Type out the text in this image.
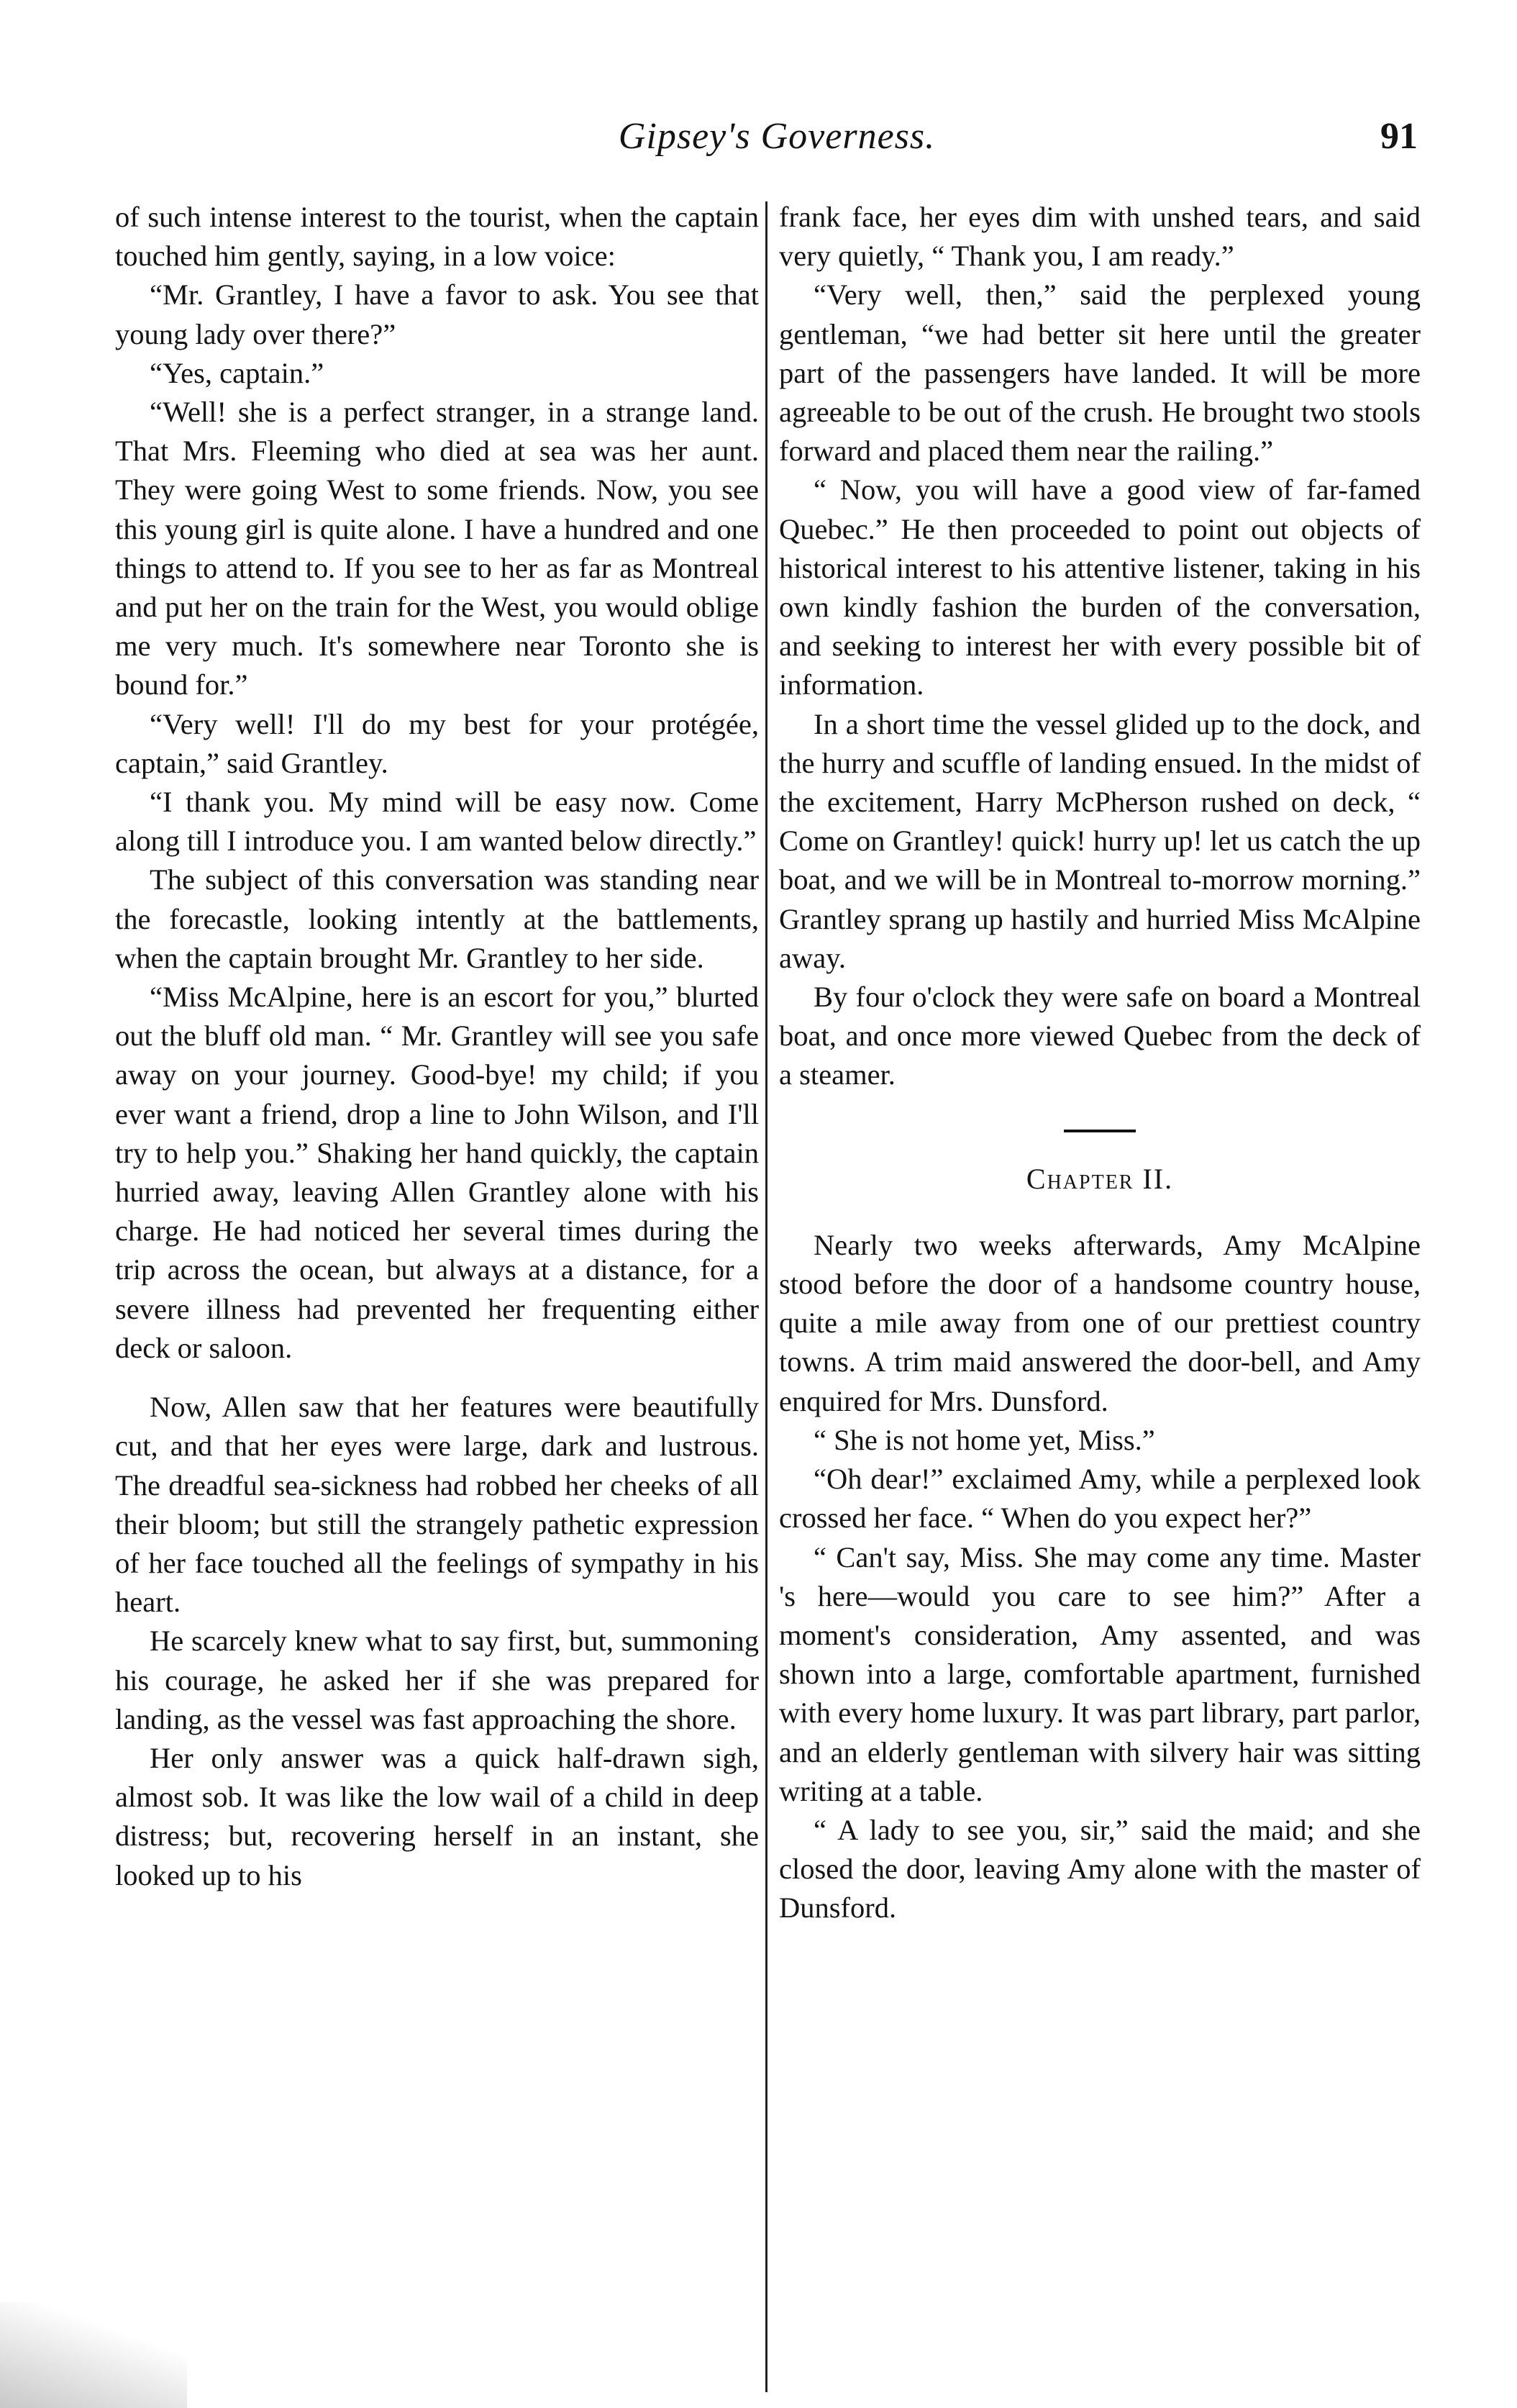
Gipsey's Governess.	91

of such intense interest to the tourist, when the captain touched him gently, saying, in a low voice:

“Mr. Grantley, I have a favor to ask. You see that young lady over there?”

“Yes, captain.”

“Well! she is a perfect stranger, in a strange land. That Mrs. Fleeming who died at sea was her aunt. They were going West to some friends. Now, you see this young girl is quite alone. I have a hundred and one things to attend to. If you see to her as far as Montreal and put her on the train for the West, you would oblige me very much. It's somewhere near Toronto she is bound for.”

“Very well! I'll do my best for your protégée, captain,” said Grantley.

“I thank you. My mind will be easy now. Come along till I introduce you. I am wanted below directly.”

The subject of this conversation was standing near the forecastle, looking intently at the battlements, when the captain brought Mr. Grantley to her side.

“Miss McAlpine, here is an escort for you,” blurted out the bluff old man. “ Mr. Grantley will see you safe away on your journey. Good-bye! my child; if you ever want a friend, drop a line to John Wilson, and I'll try to help you.” Shaking her hand quickly, the captain hurried away, leaving Allen Grantley alone with his charge. He had noticed her several times during the trip across the ocean, but always at a distance, for a severe illness had prevented her frequenting either deck or saloon.

Now, Allen saw that her features were beautifully cut, and that her eyes were large, dark and lustrous. The dreadful sea-sickness had robbed her cheeks of all their bloom; but still the strangely pathetic expression of her face touched all the feelings of sympathy in his heart.

He scarcely knew what to say first, but, summoning his courage, he asked her if she was prepared for landing, as the vessel was fast approaching the shore.

Her only answer was a quick half-drawn sigh, almost sob. It was like the low wail of a child in deep distress; but, recovering herself in an instant, she looked up to his

frank face, her eyes dim with unshed tears, and said very quietly, “ Thank you, I am ready.”

“Very well, then,” said the perplexed young gentleman, “we had better sit here until the greater part of the passengers have landed. It will be more agreeable to be out of the crush. He brought two stools forward and placed them near the railing.”

“ Now, you will have a good view of far-famed Quebec.” He then proceeded to point out objects of historical interest to his attentive listener, taking in his own kindly fashion the burden of the conversation, and seeking to interest her with every possible bit of information.

In a short time the vessel glided up to the dock, and the hurry and scuffle of landing ensued. In the midst of the excitement, Harry McPherson rushed on deck, “ Come on Grantley! quick! hurry up! let us catch the up boat, and we will be in Montreal to-morrow morning.” Grantley sprang up hastily and hurried Miss McAlpine away.

By four o'clock they were safe on board a Montreal boat, and once more viewed Quebec from the deck of a steamer.

Chapter II.

Nearly two weeks afterwards, Amy McAlpine stood before the door of a handsome country house, quite a mile away from one of our prettiest country towns. A trim maid answered the door-bell, and Amy enquired for Mrs. Dunsford.

“ She is not home yet, Miss.”

“Oh dear!” exclaimed Amy, while a perplexed look crossed her face. “ When do you expect her?”

“ Can't say, Miss. She may come any time. Master 's here—would you care to see him?” After a moment's consideration, Amy assented, and was shown into a large, comfortable apartment, furnished with every home luxury. It was part library, part parlor, and an elderly gentleman with silvery hair was sitting writing at a table.

“ A lady to see you, sir,” said the maid; and she closed the door, leaving Amy alone with the master of Dunsford.
